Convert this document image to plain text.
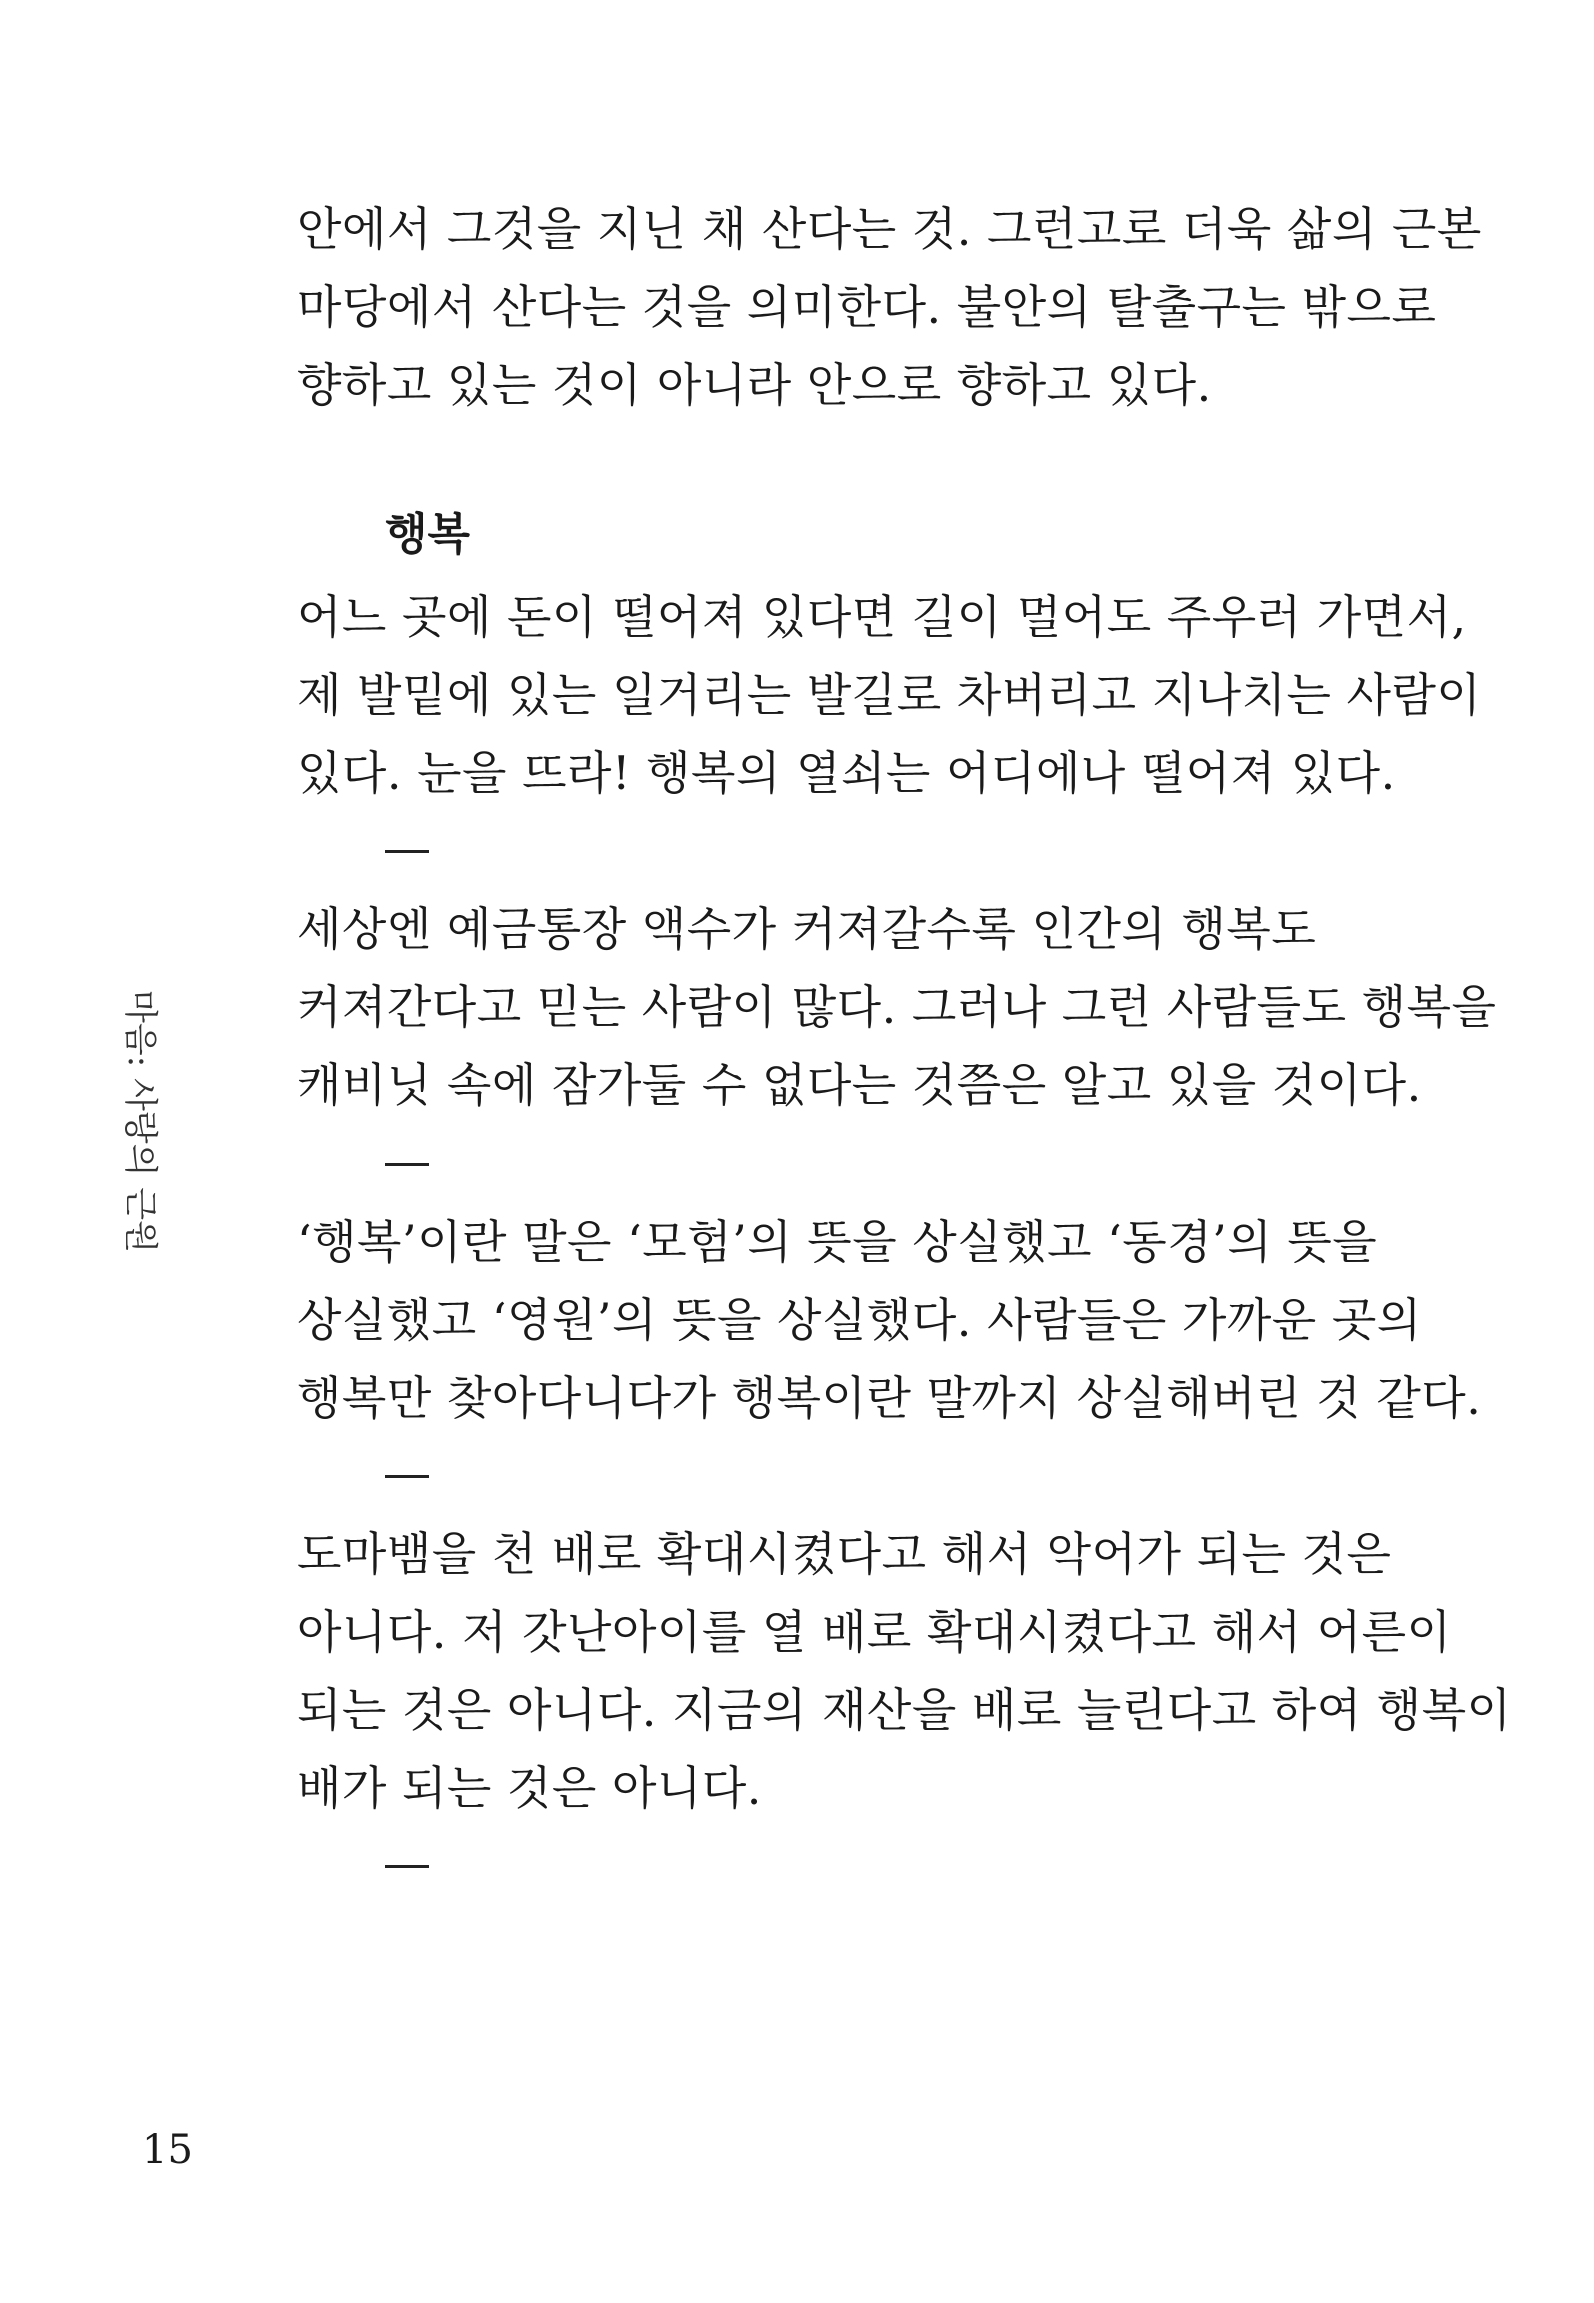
안에서 그것을 지닌 채 산다는 것. 그런고로 더욱 삶의 근본
마당에서 산다는 것을 의미한다. 불안의 탈출구는 밖으로
향하고 있는 것이 아니라 안으로 향하고 있다.
행복
어느 곳에 돈이 떨어져 있다면 길이 멀어도 주우러 가면서,
제 발밑에 있는 일거리는 발길로 차버리고 지나치는 사람이
있다. 눈을 뜨라! 행복의 열쇠는 어디에나 떨어져 있다.
세상엔 예금통장 액수가 커져갈수록 인간의 행복도
커져간다고 믿는 사람이 많다. 그러나 그런 사람들도 행복을
캐비닛 속에 잠가둘 수 없다는 것쯤은 알고 있을 것이다.
‘행복’이란 말은 ‘모험’의 뜻을 상실했고 ‘동경’의 뜻을
상실했고 ‘영원’의 뜻을 상실했다. 사람들은 가까운 곳의
행복만 찾아다니다가 행복이란 말까지 상실해버린 것 같다.
도마뱀을 천 배로 확대시켰다고 해서 악어가 되는 것은
아니다. 저 갓난아이를 열 배로 확대시켰다고 해서 어른이
되는 것은 아니다. 지금의 재산을 배로 늘린다고 하여 행복이
배가 되는 것은 아니다.
마음: 사랑의 근원
15
